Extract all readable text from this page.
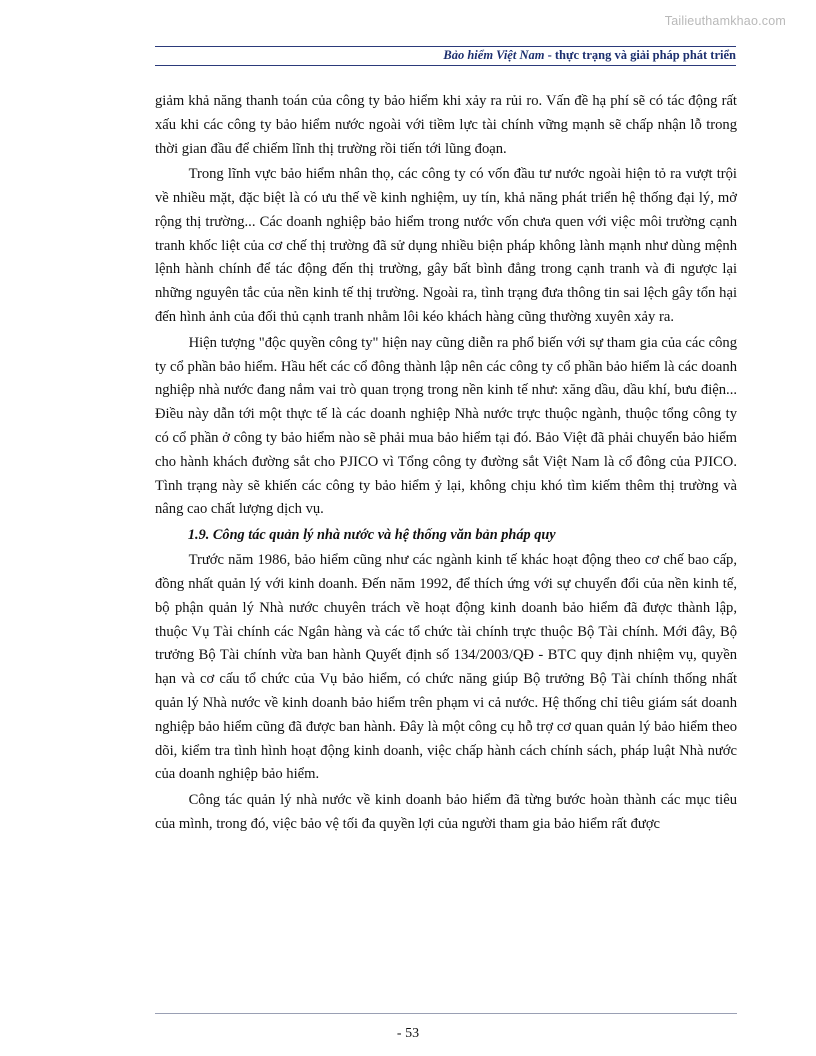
Tailieuthamkhao.com
Bảo hiểm Việt Nam - thực trạng và giải pháp phát triển

giảm khả năng thanh toán của công ty bảo hiểm khi xảy ra rủi ro. Vấn đề hạ phí sẽ có tác động rất xấu khi các công ty bảo hiểm nước ngoài với tiềm lực tài chính vững mạnh sẽ chấp nhận lỗ trong thời gian đầu để chiếm lĩnh thị trường rồi tiến tới lũng đoạn.

Trong lĩnh vực bảo hiểm nhân thọ, các công ty có vốn đầu tư nước ngoài hiện tỏ ra vượt trội về nhiều mặt, đặc biệt là có ưu thế về kinh nghiệm, uy tín, khả năng phát triển hệ thống đại lý, mở rộng thị trường... Các doanh nghiệp bảo hiểm trong nước vốn chưa quen với việc môi trường cạnh tranh khốc liệt của cơ chế thị trường đã sử dụng nhiều biện pháp không lành mạnh như dùng mệnh lệnh hành chính để tác động đến thị trường, gây bất bình đẳng trong cạnh tranh và đi ngược lại những nguyên tắc của nền kinh tế thị trường. Ngoài ra, tình trạng đưa thông tin sai lệch gây tổn hại đến hình ảnh của đối thủ cạnh tranh nhằm lôi kéo khách hàng cũng thường xuyên xảy ra.

Hiện tượng "độc quyền công ty" hiện nay cũng diễn ra phổ biến với sự tham gia của các công ty cổ phần bảo hiểm. Hầu hết các cổ đông thành lập nên các công ty cổ phần bảo hiểm là các doanh nghiệp nhà nước đang nắm vai trò quan trọng trong nền kinh tế như: xăng dầu, dầu khí, bưu điện... Điều này dẫn tới một thực tế là các doanh nghiệp Nhà nước trực thuộc ngành, thuộc tổng công ty có cổ phần ở công ty bảo hiểm nào sẽ phải mua bảo hiểm tại đó. Bảo Việt đã phải chuyển bảo hiểm cho hành khách đường sắt cho PJICO vì Tổng công ty đường sắt Việt Nam là cổ đông của PJICO. Tình trạng này sẽ khiến các công ty bảo hiểm ỷ lại, không chịu khó tìm kiếm thêm thị trường và nâng cao chất lượng dịch vụ.

1.9. Công tác quản lý nhà nước và hệ thống văn bản pháp quy

Trước năm 1986, bảo hiểm cũng như các ngành kinh tế khác hoạt động theo cơ chế bao cấp, đồng nhất quản lý với kinh doanh. Đến năm 1992, để thích ứng với sự chuyển đổi của nền kinh tế, bộ phận quản lý Nhà nước chuyên trách về hoạt động kinh doanh bảo hiểm đã được thành lập, thuộc Vụ Tài chính các Ngân hàng và các tổ chức tài chính trực thuộc Bộ Tài chính. Mới đây, Bộ trưởng Bộ Tài chính vừa ban hành Quyết định số 134/2003/QĐ - BTC quy định nhiệm vụ, quyền hạn và cơ cấu tổ chức của Vụ bảo hiểm, có chức năng giúp Bộ trưởng Bộ Tài chính thống nhất quản lý Nhà nước về kinh doanh bảo hiểm trên phạm vi cả nước. Hệ thống chỉ tiêu giám sát doanh nghiệp bảo hiểm cũng đã được ban hành. Đây là một công cụ hỗ trợ cơ quan quản lý bảo hiểm theo dõi, kiểm tra tình hình hoạt động kinh doanh, việc chấp hành cách chính sách, pháp luật Nhà nước của doanh nghiệp bảo hiểm.

Công tác quản lý nhà nước về kinh doanh bảo hiểm đã từng bước hoàn thành các mục tiêu của mình, trong đó, việc bảo vệ tối đa quyền lợi của người tham gia bảo hiểm rất được

- 53
